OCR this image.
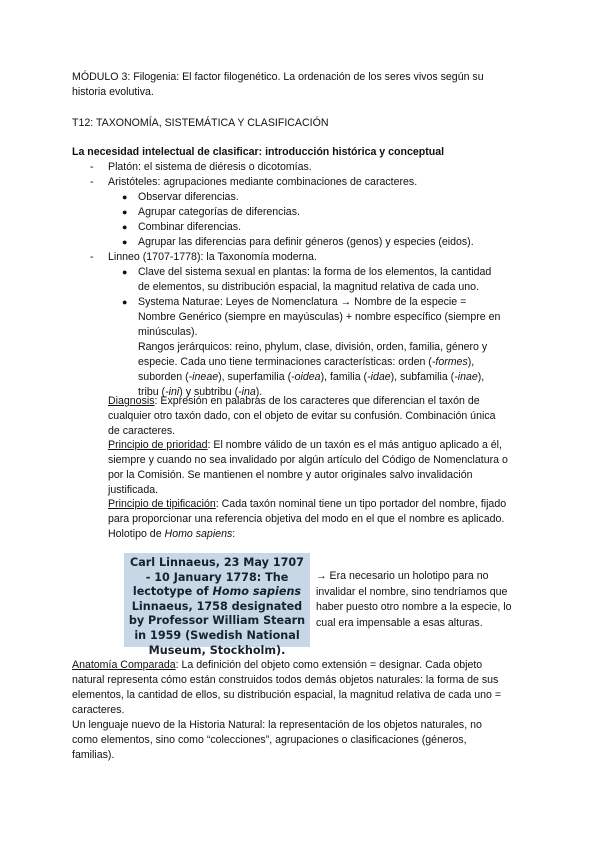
MÓDULO 3: Filogenia: El factor filogenético. La ordenación de los seres vivos según su

historia evolutiva.

T12: TAXONOMÍA, SISTEMÁTICA Y CLASIFICACIÓN

La necesidad intelectual de clasificar: introducción histórica y conceptual

- Platón: el sistema de diéresis o dicotomías.

- Aristóteles: agrupaciones mediante combinaciones de caracteres.

● Observar diferencias.

● Agrupar categorías de diferencias.

● Combinar diferencias.

● Agrupar las diferencias para definir géneros (genos) y especies (eidos).

- Linneo (1707-1778): la Taxonomía moderna.

● Clave del sistema sexual en plantas: la forma de los elementos, la cantidad

de elementos, su distribución espacial, la magnitud relativa de cada uno.

● Systema Naturae: Leyes de Nomenclatura → Nombre de la especie =

Nombre Genérico (siempre en mayúsculas) + nombre específico (siempre en

minúsculas).

Rangos jerárquicos: reino, phylum, clase, división, orden, familia, género y

especie. Cada uno tiene terminaciones características: orden (-formes),

suborden (-ineae), superfamilia (-oidea), familia (-idae), subfamilia (-inae),

tribu (-ini) y subtribu (-ina).

Diagnosis: Expresión en palabras de los caracteres que diferencian el taxón de

cualquier otro taxón dado, con el objeto de evitar su confusión. Combinación única

de caracteres.

Principio de prioridad: El nombre válido de un taxón es el más antiguo aplicado a él,

siempre y cuando no sea invalidado por algún artículo del Código de Nomenclatura o

por la Comisión. Se mantienen el nombre y autor originales salvo invalidación

justificada.

Principio de tipificación: Cada taxón nominal tiene un tipo portador del nombre, fijado

para proporcionar una referencia objetiva del modo en el que el nombre es aplicado.

Holotipo de Homo sapiens:

Carl Linnaeus, 23 May 1707
- 10 January 1778: The
lectotype of Homo sapiens
Linnaeus, 1758 designated
by Professor William Stearn
in 1959 (Swedish National
Museum, Stockholm).

→ Era necesario un holotipo para no

invalidar el nombre, sino tendríamos que

haber puesto otro nombre a la especie, lo

cual era impensable a esas alturas.

Anatomía Comparada: La definición del objeto como extensión = designar. Cada objeto

natural representa cómo están construidos todos demás objetos naturales: la forma de sus

elementos, la cantidad de ellos, su distribución espacial, la magnitud relativa de cada uno =

caracteres.

Un lenguaje nuevo de la Historia Natural: la representación de los objetos naturales, no

como elementos, sino como “colecciones”, agrupaciones o clasificaciones (géneros,

familias).
